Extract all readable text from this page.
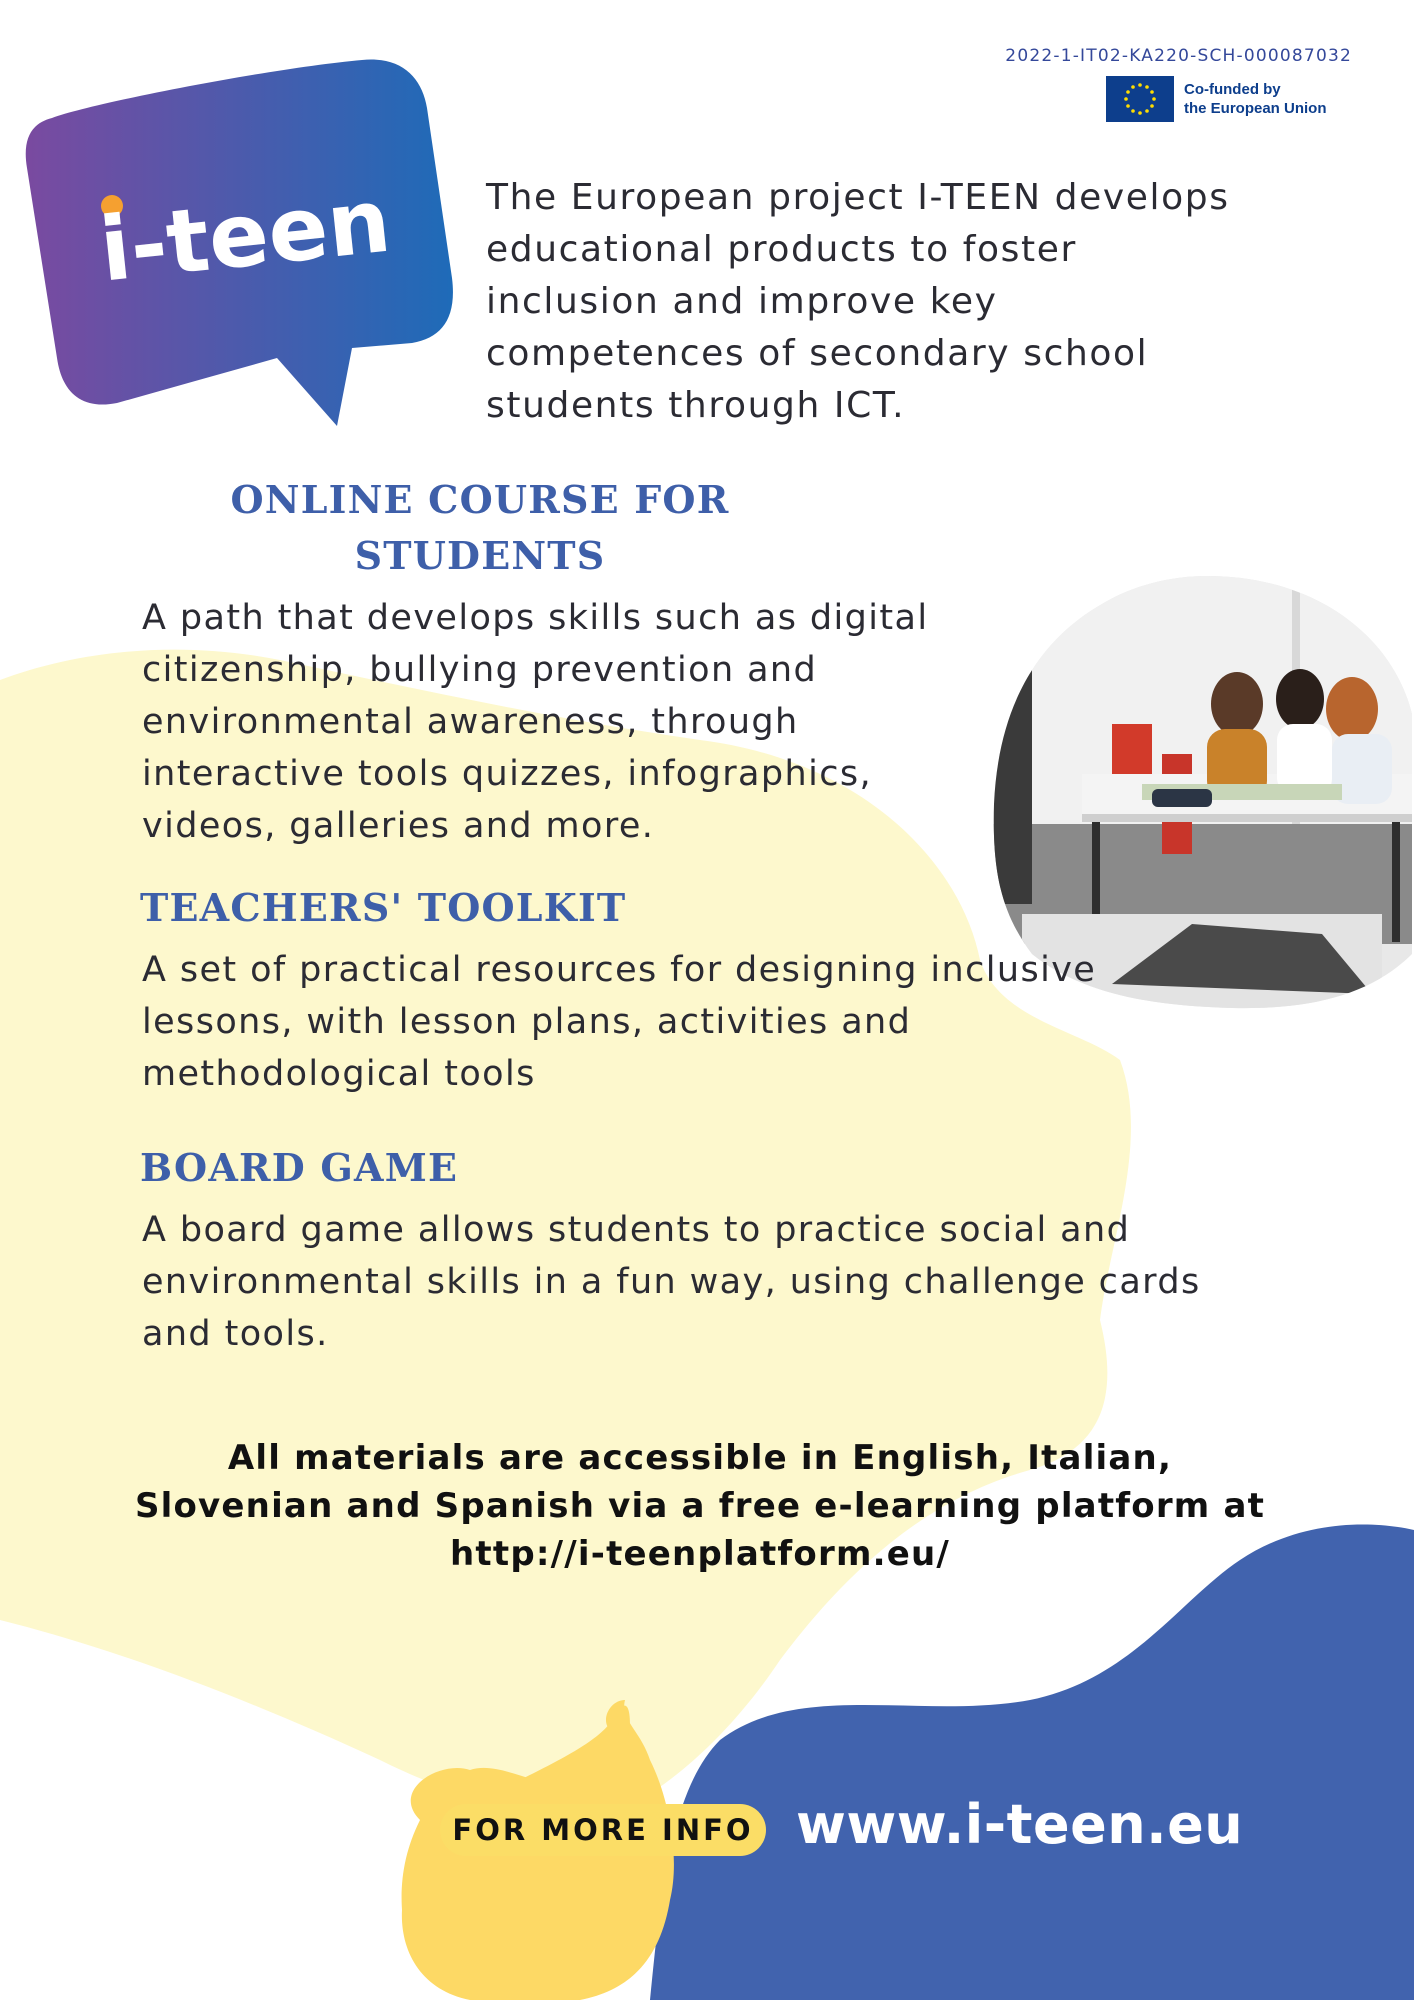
2022-1-IT02-KA220-SCH-000087032
Co-funded by
the European Union
i-teen	The European project I-TEEN develops educational products to foster inclusion and improve key competences of secondary school students through ICT.
ONLINE COURSE FOR STUDENTS
A path that develops skills such as digital citizenship, bullying prevention and environmental awareness, through interactive tools quizzes, infographics, videos, galleries and more.
TEACHERS' TOOLKIT
A set of practical resources for designing inclusive lessons, with lesson plans, activities and methodological tools
BOARD GAME
A board game allows students to practice social and environmental skills in a fun way, using challenge cards and tools.
All materials are accessible in English, Italian, Slovenian and Spanish via a free e-learning platform at http://i-teenplatform.eu/
FOR MORE INFO www.i-teen.eu
